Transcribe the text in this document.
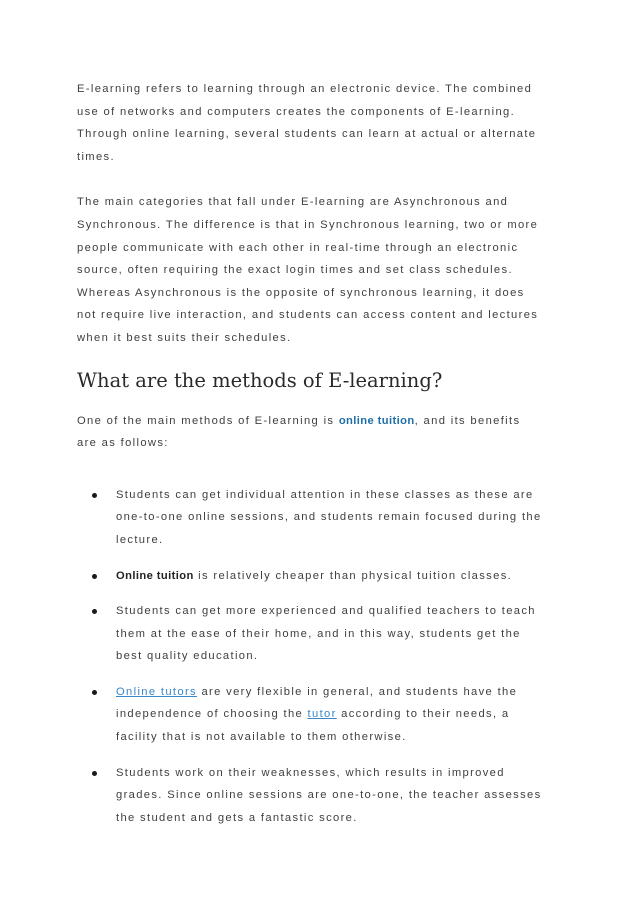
E-learning refers to learning through an electronic device. The combined
use of networks and computers creates the components of E-learning.
Through online learning, several students can learn at actual or alternate
times.

The main categories that fall under E-learning are Asynchronous and
Synchronous. The difference is that in Synchronous learning, two or more
people communicate with each other in real-time through an electronic
source, often requiring the exact login times and set class schedules.
Whereas Asynchronous is the opposite of synchronous learning, it does
not require live interaction, and students can access content and lectures
when it best suits their schedules.

What are the methods of E-learning?

One of the main methods of E-learning is online tuition, and its benefits
are as follows:

Students can get individual attention in these classes as these are
one-to-one online sessions, and students remain focused during the
lecture.
Online tuition is relatively cheaper than physical tuition classes.
Students can get more experienced and qualified teachers to teach
them at the ease of their home, and in this way, students get the
best quality education.
Online tutors are very flexible in general, and students have the
independence of choosing the tutor according to their needs, a
facility that is not available to them otherwise.
Students work on their weaknesses, which results in improved
grades. Since online sessions are one-to-one, the teacher assesses
the student and gets a fantastic score.
